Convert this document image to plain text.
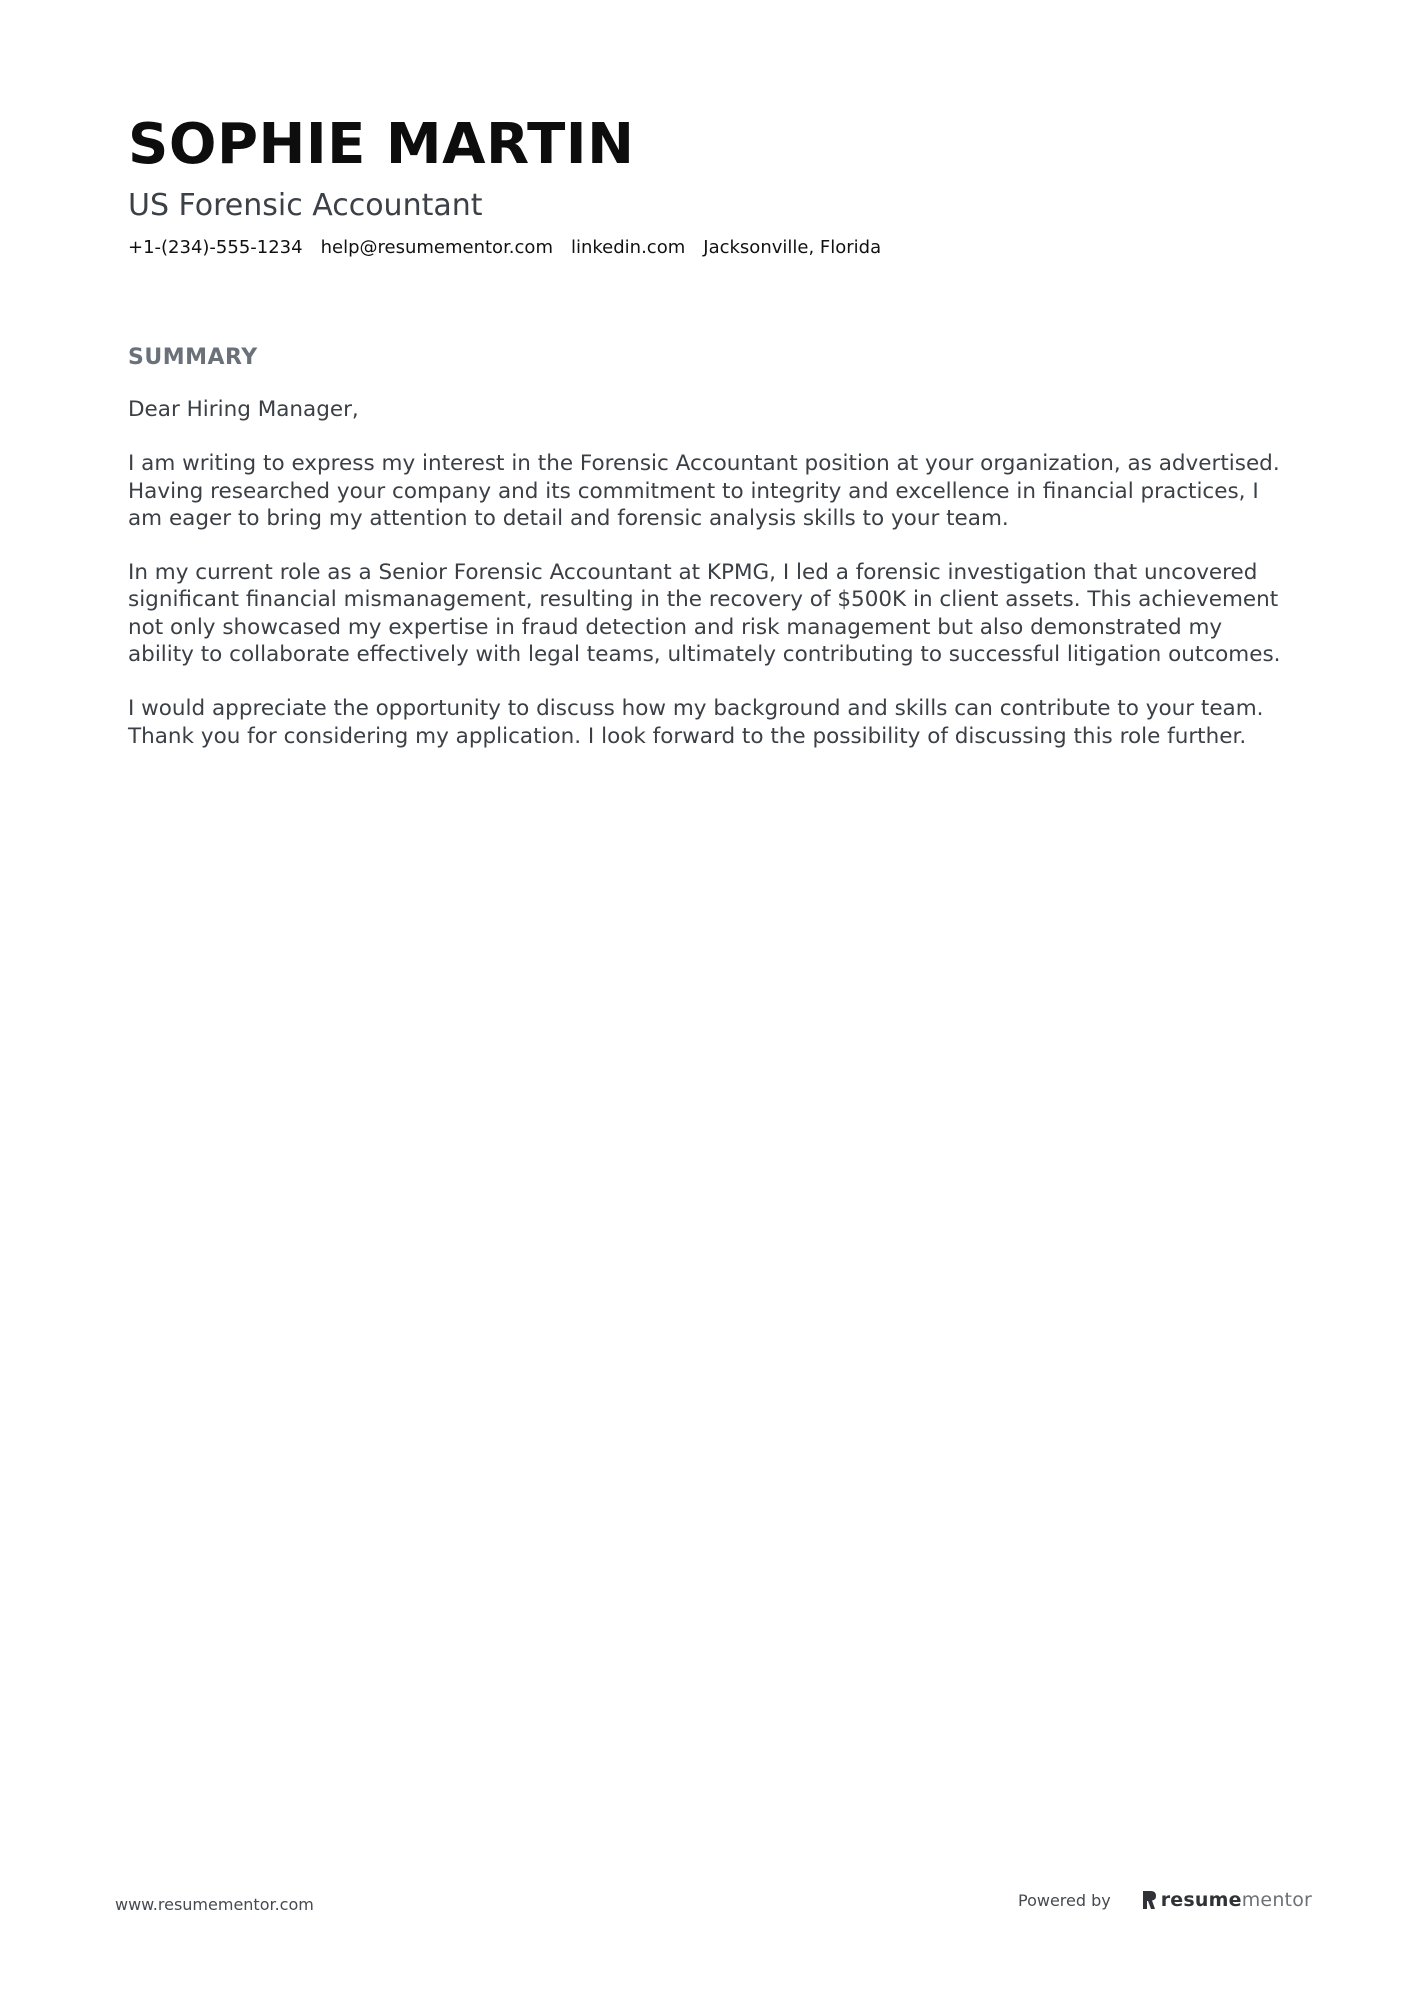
SOPHIE MARTIN
US Forensic Accountant
+1-(234)-555-1234 help@resumementor.com linkedin.com Jacksonville, Florida
SUMMARY

Dear Hiring Manager,

I am writing to express my interest in the Forensic Accountant position at your organization, as advertised. Having researched your company and its commitment to integrity and excellence in financial practices, I am eager to bring my attention to detail and forensic analysis skills to your team.

In my current role as a Senior Forensic Accountant at KPMG, I led a forensic investigation that uncovered significant financial mismanagement, resulting in the recovery of $500K in client assets. This achievement not only showcased my expertise in fraud detection and risk management but also demonstrated my ability to collaborate effectively with legal teams, ultimately contributing to successful litigation outcomes.

I would appreciate the opportunity to discuss how my background and skills can contribute to your team. Thank you for considering my application. I look forward to the possibility of discussing this role further.

www.resumementor.com	Powered by	resume mentor
